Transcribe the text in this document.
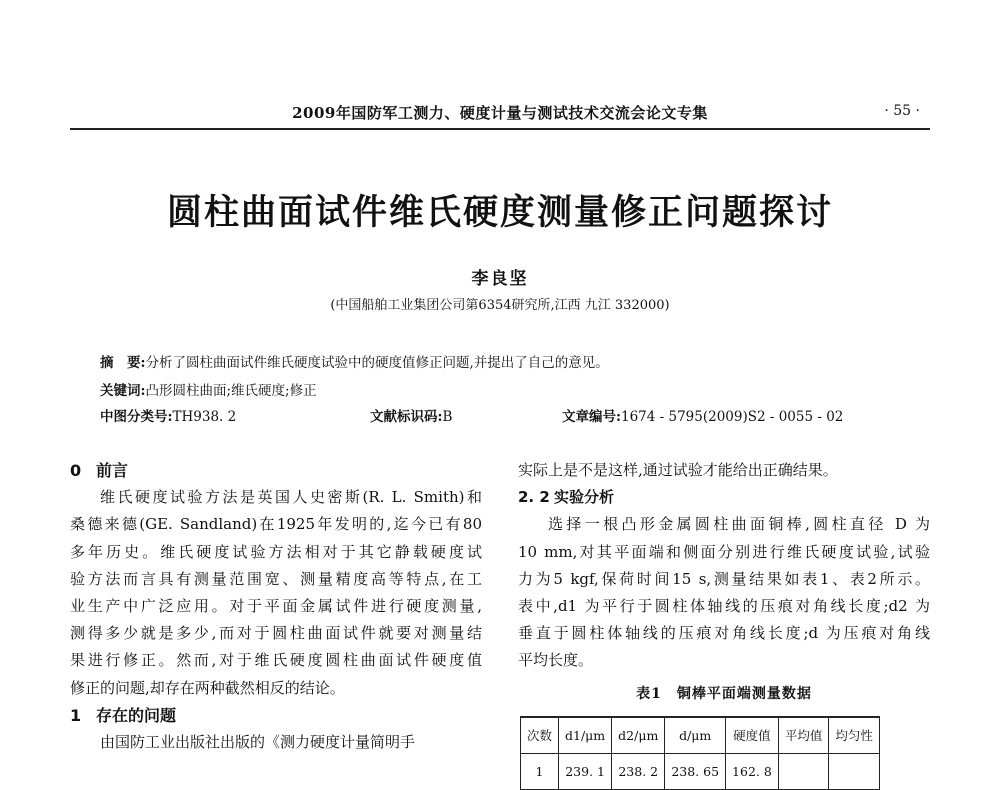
2009年国防军工测力、硬度计量与测试技术交流会论文专集	· 55 ·
圆柱曲面试件维氏硬度测量修正问题探讨
李良坚
(中国船舶工业集团公司第6354研究所,江西 九江 332000)
摘　要:分析了圆柱曲面试件维氏硬度试验中的硬度值修正问题,并提出了自己的意见。
关键词:凸形圆柱曲面;维氏硬度;修正
中图分类号:TH938. 2	文献标识码:B	文章编号:1674 - 5795(2009)S2 - 0055 - 02
0 前言

维氏硬度试验方法是英国人史密斯(R. L. Smith)和

桑德来德(GE. Sandland)在1925年发明的,迄今已有80

多年历史。维氏硬度试验方法相对于其它静载硬度试

验方法而言具有测量范围宽、测量精度高等特点,在工

业生产中广泛应用。对于平面金属试件进行硬度测量,

测得多少就是多少,而对于圆柱曲面试件就要对测量结

果进行修正。然而,对于维氏硬度圆柱曲面试件硬度值

修正的问题,却存在两种截然相反的结论。

1 存在的问题

由国防工业出版社出版的《测力硬度计量简明手

实际上是不是这样,通过试验才能给出正确结果。

2. 2 实验分析

选择一根凸形金属圆柱曲面铜棒,圆柱直径 D 为

10 mm,对其平面端和侧面分别进行维氏硬度试验,试验

力为5 kgf,保荷时间15 s,测量结果如表1、表2所示。

表中,d1 为平行于圆柱体轴线的压痕对角线长度;d2 为

垂直于圆柱体轴线的压痕对角线长度;d 为压痕对角线

平均长度。

表1　铜棒平面端测量数据
次数	d1/μm	d2/μm	d/μm	硬度值	平均值	均匀性
1	239. 1	238. 2	238. 65	162. 8		
